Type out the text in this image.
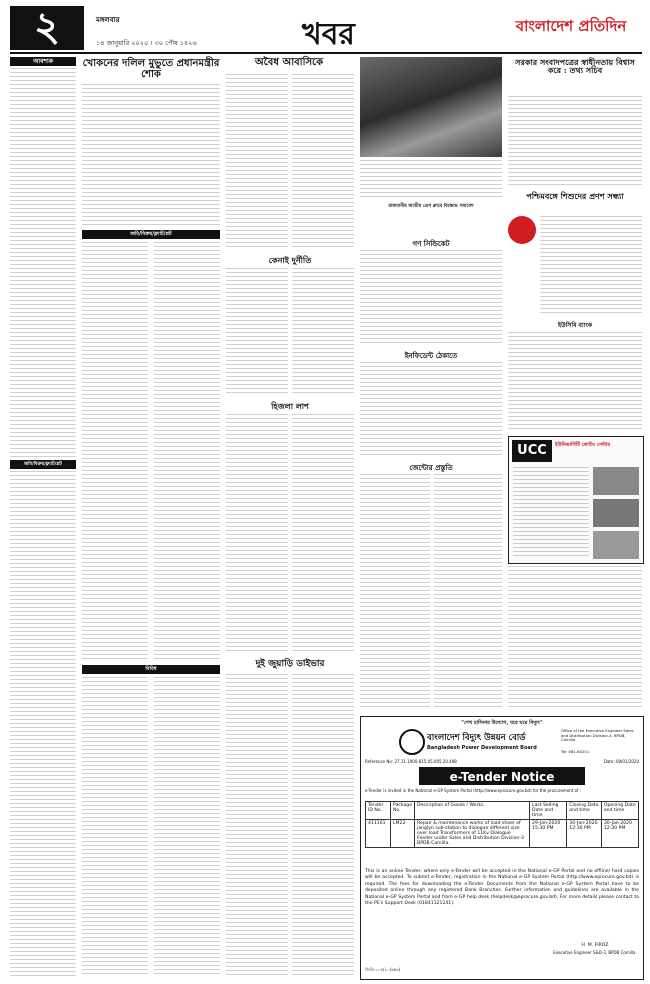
২	মঙ্গলবার
১৪ জানুয়ারি ২০২০ । ৩০ পৌষ ১৪২৬	খবর	বাংলাদেশ প্রতিদিন
আবশ্যক
জমি/বিক্রয়/ফ্ল্যাট/প্লট
খোকনের দলিল মুভুতে প্রধানমন্ত্রীর শোক
জমি/বিক্রয়/ফ্ল্যাট/প্লট
বিবিধ
অবৈধ আবাসিকে
কেনাই দুর্নীতি
হিজলা লাশ
দুই জুয়াড়ি ডাইভার
রাজধানীর জাতীয় প্রেস ক্লাবে বিক্ষোভ সমাবেশ
গণ সিন্ডিকেট
ইনফিডেন্ট ঠেকাতে
জেন্টোর প্রস্তুতি
সরকার সংবাদপত্রের স্বাধীনতায় বিশ্বাস করে : তথ্য সচিব
পশ্চিমবঙ্গে শিশুদের প্রণশ সন্ধ্যা
ইউসিবি ব্যাংক
UCC	ইউনিভার্সিটি কোচিং সেন্টার
"শেখ হাসিনার উদ্যোগ, ঘরে ঘরে বিদ্যুৎ"
বাংলাদেশ বিদ্যুৎ উন্নয়ন বোর্ড
Bangladesh Power Development Board
Office of the Executive Engineer Sales and Distribution Division-3, BPDB, Comilla.
Tel: 081-60201
Reference No: 27.11.1900.815.05.005.20.498	Date: 09/01/2020
e-Tender Notice
e-Tender is invited in the National e-GP System Portal (http://www.eprocure.gov.bd) for the procurement of :
Tender ID No.	Package No.	Description of Goods / Works	Last Selling Date and time	Closing Date and time	Opening Date and time
411161	LM22	Repair & maintenance works of load shaer of janglyn sub-station to dialogue different size over load Transformers of 11Kv Dialogue Feeder under Sales and Distribution Division-3 BPDB Comilla.	29-Jan-2020 15:30 PM	30-Jan-2020 12:30 PM	30-Jan-2020 12:30 PM
This is an online Tender, where only e-Tender will be accepted in the National e-GP Portal and no offline/ hard copies will be accepted. To submit e-Tender, registration in the National e-GP System Portal (http://www.eprocure.gov.bd) is required. The fees for downloading the e-Tender Documents from the National e-GP System Portal have to be deposited online through any registered Bank Branches. Further information and guidelines are available in the National e-GP System Portal and from e-GP help desk (helpdesk@eprocure.gov.bd). For more details please contact to the PE's Support Desk (01841121241).
H. M. FIROZ
Executive Engineer S&D-3, BPDB Comilla.
জিডি-১০৫/২০(৬x৩)
